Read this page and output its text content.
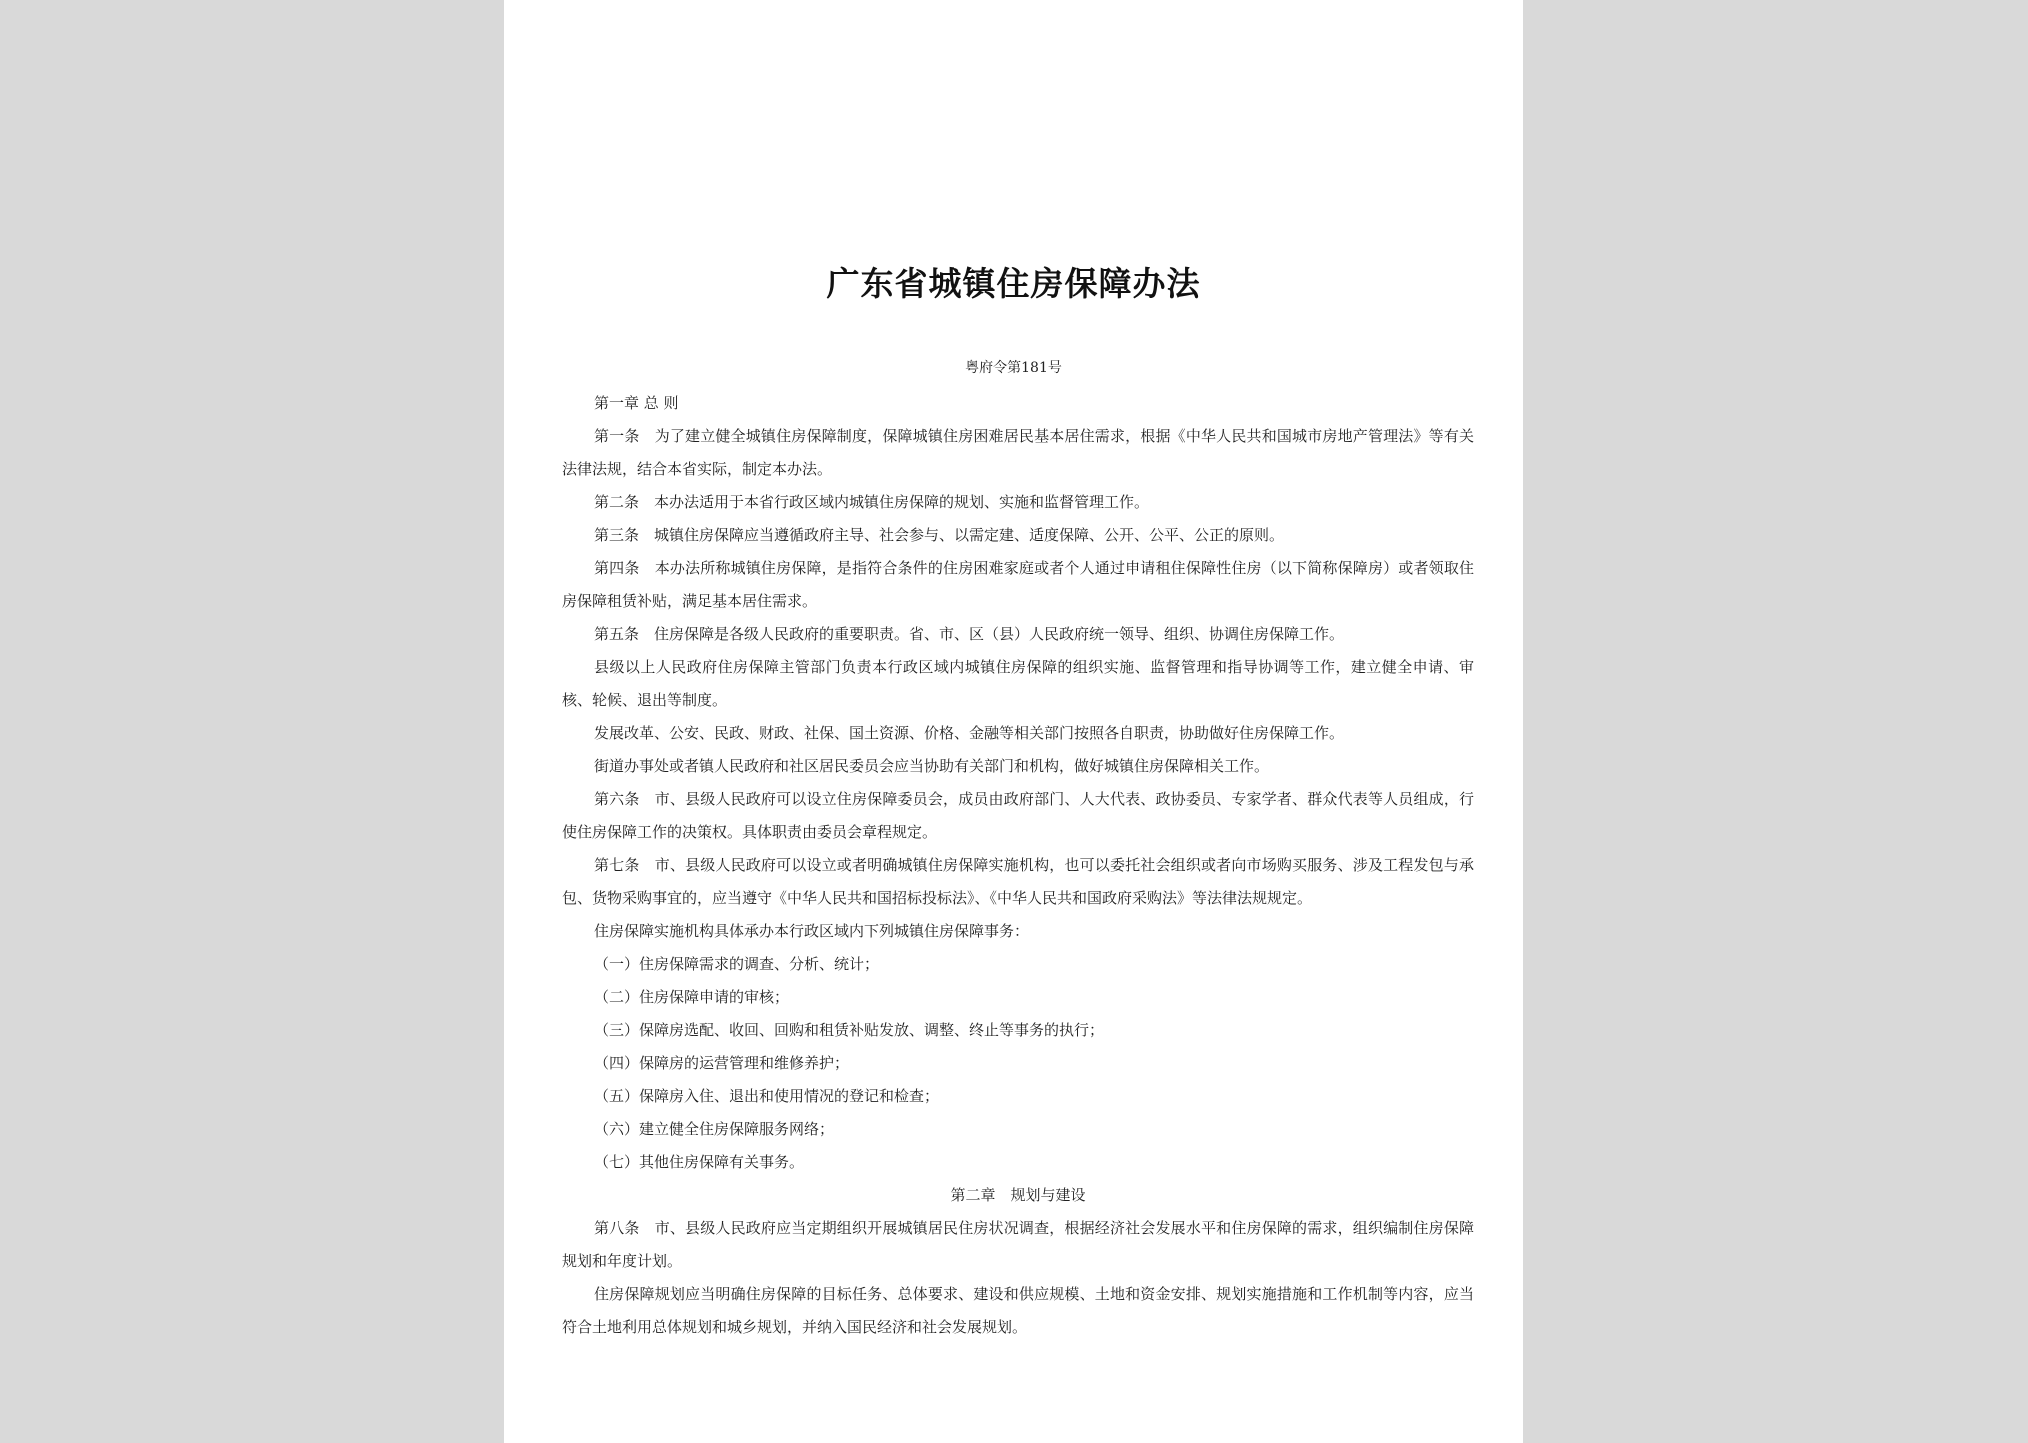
广东省城镇住房保障办法
粤府令第181号

第一章 总 则

第一条　为了建立健全城镇住房保障制度，保障城镇住房困难居民基本居住需求，根据《中华人民共和国城市房地产管理法》等有关法律法规，结合本省实际，制定本办法。

第二条　本办法适用于本省行政区域内城镇住房保障的规划、实施和监督管理工作。

第三条　城镇住房保障应当遵循政府主导、社会参与、以需定建、适度保障、公开、公平、公正的原则。

第四条　本办法所称城镇住房保障，是指符合条件的住房困难家庭或者个人通过申请租住保障性住房（以下简称保障房）或者领取住房保障租赁补贴，满足基本居住需求。

第五条　住房保障是各级人民政府的重要职责。省、市、区（县）人民政府统一领导、组织、协调住房保障工作。

县级以上人民政府住房保障主管部门负责本行政区域内城镇住房保障的组织实施、监督管理和指导协调等工作，建立健全申请、审核、轮候、退出等制度。

发展改革、公安、民政、财政、社保、国土资源、价格、金融等相关部门按照各自职责，协助做好住房保障工作。

街道办事处或者镇人民政府和社区居民委员会应当协助有关部门和机构，做好城镇住房保障相关工作。

第六条　市、县级人民政府可以设立住房保障委员会，成员由政府部门、人大代表、政协委员、专家学者、群众代表等人员组成，行使住房保障工作的决策权。具体职责由委员会章程规定。

第七条　市、县级人民政府可以设立或者明确城镇住房保障实施机构，也可以委托社会组织或者向市场购买服务、涉及工程发包与承包、货物采购事宜的，应当遵守《中华人民共和国招标投标法》、《中华人民共和国政府采购法》等法律法规规定。

住房保障实施机构具体承办本行政区域内下列城镇住房保障事务：

（一）住房保障需求的调查、分析、统计；

（二）住房保障申请的审核；

（三）保障房选配、收回、回购和租赁补贴发放、调整、终止等事务的执行；

（四）保障房的运营管理和维修养护；

（五）保障房入住、退出和使用情况的登记和检查；

（六）建立健全住房保障服务网络；

（七）其他住房保障有关事务。

第二章　规划与建设

第八条　市、县级人民政府应当定期组织开展城镇居民住房状况调查，根据经济社会发展水平和住房保障的需求，组织编制住房保障规划和年度计划。

住房保障规划应当明确住房保障的目标任务、总体要求、建设和供应规模、土地和资金安排、规划实施措施和工作机制等内容，应当符合土地利用总体规划和城乡规划，并纳入国民经济和社会发展规划。
